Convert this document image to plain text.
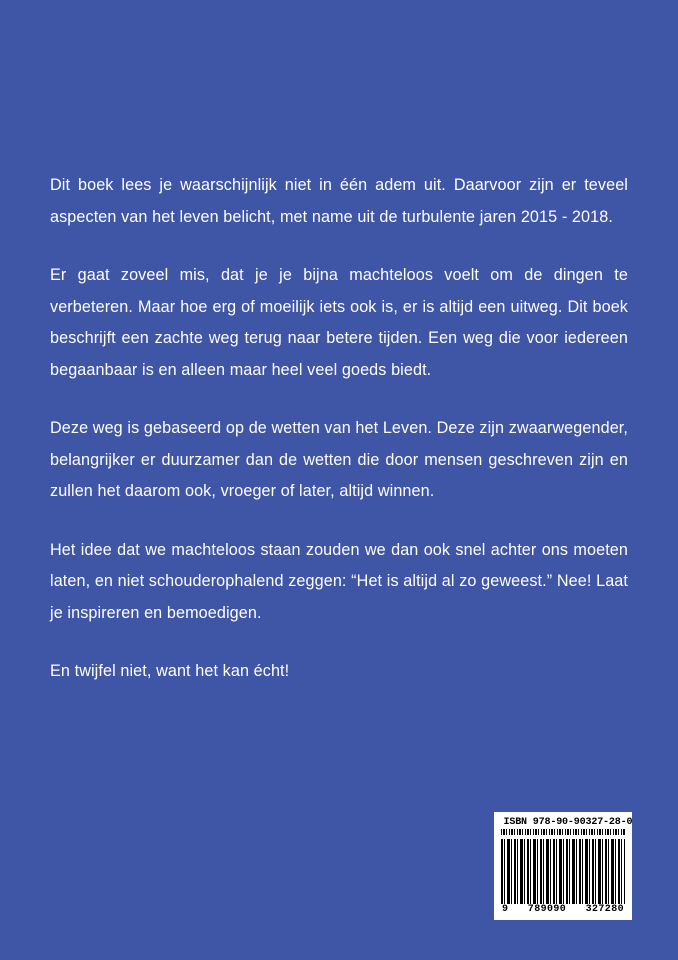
Dit boek lees je waarschijnlijk niet in één adem uit. Daarvoor zijn er teveel aspecten van het leven belicht, met name uit de turbulente jaren 2015 - 2018.

Er gaat zoveel mis, dat je je bijna machteloos voelt om de dingen te verbeteren. Maar hoe erg of moeilijk iets ook is, er is altijd een uitweg. Dit boek beschrijft een zachte weg terug naar betere tijden. Een weg die voor iedereen begaanbaar is en alleen maar heel veel goeds biedt.

Deze weg is gebaseerd op de wetten van het Leven. Deze zijn zwaarwegender, belangrijker er duurzamer dan de wetten die door mensen geschreven zijn en zullen het daarom ook, vroeger of later, altijd winnen.

Het idee dat we machteloos staan zouden we dan ook snel achter ons moeten laten, en niet schouderophalend zeggen: “Het is altijd al zo geweest.” Nee! Laat je inspireren en bemoedigen.

En twijfel niet, want het kan écht!

ISBN 978-90-90327-28-0
9 789090 327280
